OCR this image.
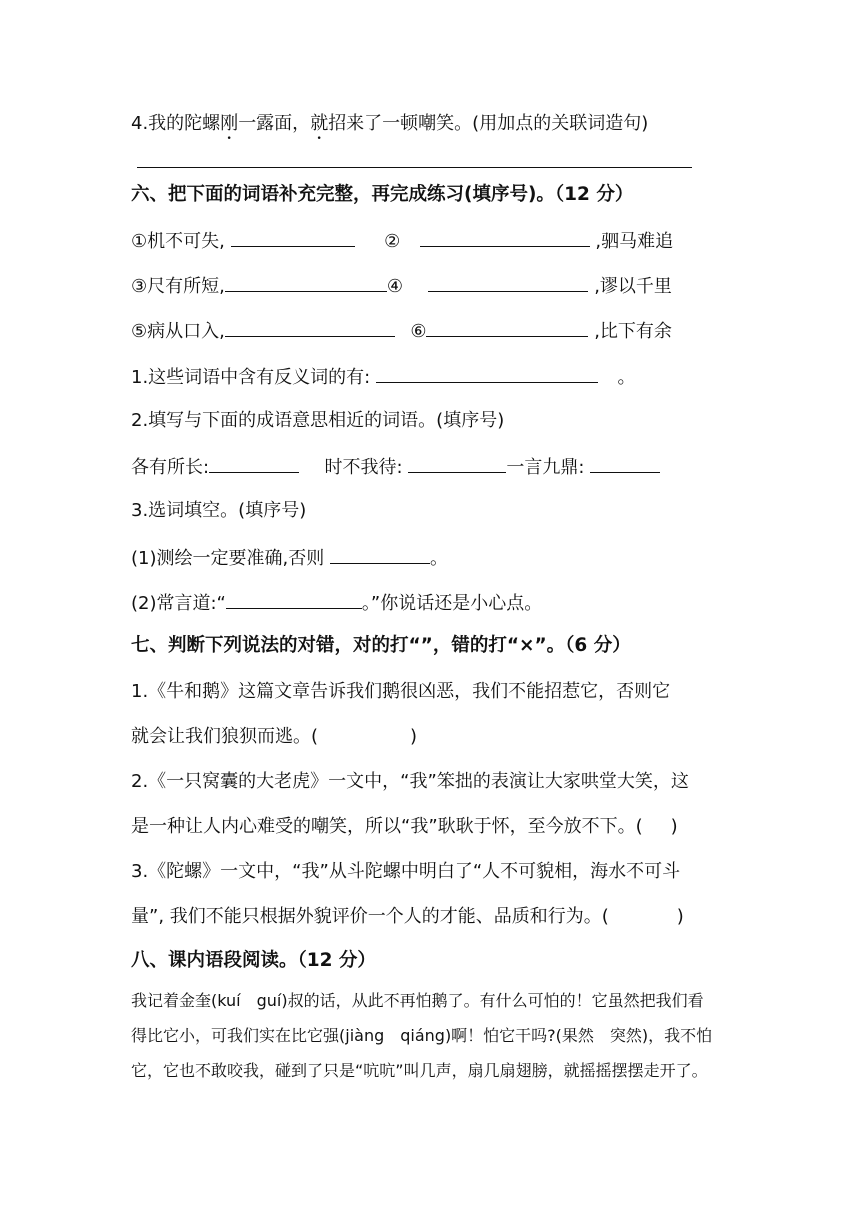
4.我的陀螺刚一露面，就招来了一顿嘲笑。(用加点的关联词造句)
六、把下面的词语补充完整，再完成练习(填序号)。（12 分）
①机不可失,	②	,驷马难追
③尺有所短,	④	,谬以千里
⑤病从口入,	⑥	,比下有余
1.这些词语中含有反义词的有:	。
2.填写与下面的成语意思相近的词语。(填序号)
各有所长:	时不我待:	一言九鼎:
3.选词填空。(填序号)
(1)测绘一定要准确,否则	。
(2)常言道:“	。”你说话还是小心点。
七、判断下列说法的对错，对的打“”，错的打“×”。（6 分）
1.《牛和鹅》这篇文章告诉我们鹅很凶恶，我们不能招惹它，否则它
就会让我们狼狈而逃。(	)
2.《一只窝囊的大老虎》一文中，“我”笨拙的表演让大家哄堂大笑，这
是一种让人内心难受的嘲笑，所以“我”耿耿于怀，至今放不下。( )
3.《陀螺》一文中，“我”从斗陀螺中明白了“人不可貌相，海水不可斗
量”, 我们不能只根据外貌评价一个人的才能、品质和行为。(	)
八、课内语段阅读。（12 分）
我记着金奎(kuí　guí)叔的话，从此不再怕鹅了。有什么可怕的！它虽然把我们看
得比它小，可我们实在比它强(jiàng　qiáng)啊！怕它干吗?(果然　突然)，我不怕
它，它也不敢咬我，碰到了只是“吭吭”叫几声，扇几扇翅膀，就摇摇摆摆走开了。
